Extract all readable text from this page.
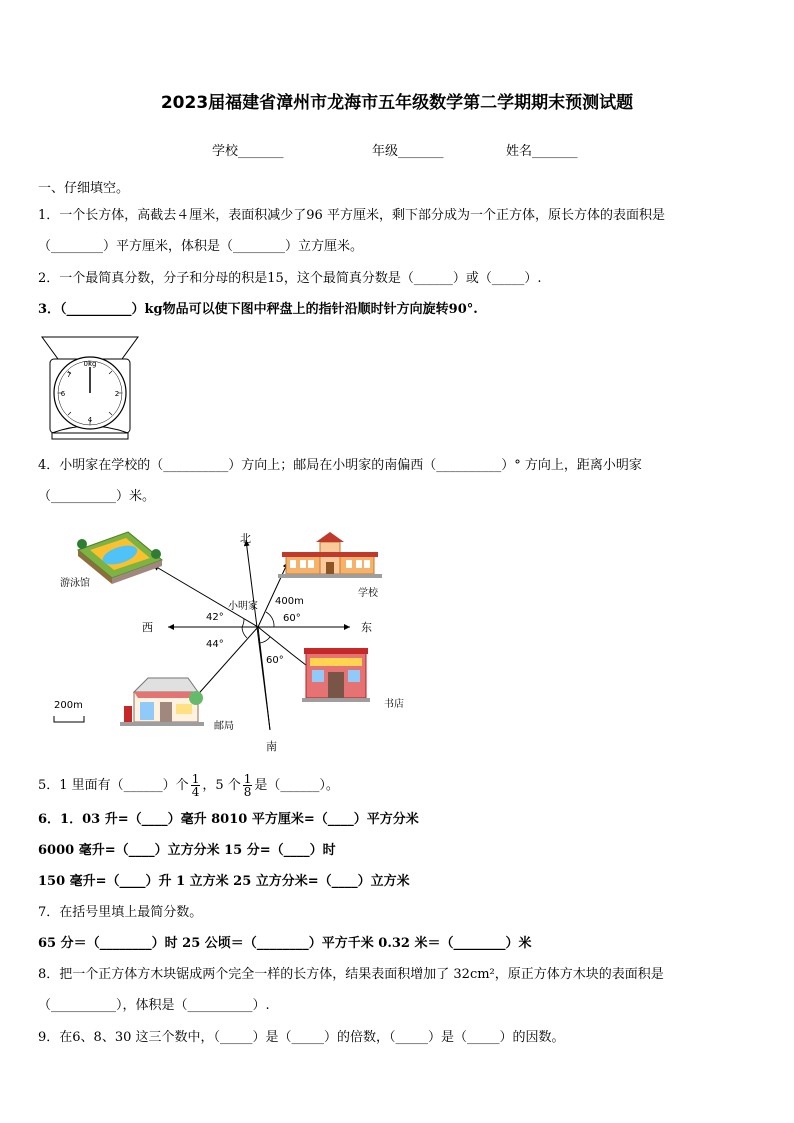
2023届福建省漳州市龙海市五年级数学第二学期期末预测试题
学校_______	年级_______	姓名_______
一、仔细填空。
1．一个长方体，高截去４厘米，表面积减少了96 平方厘米，剩下部分成为一个正方体，原长方体的表面积是
（________）平方厘米，体积是（________）立方厘米。
2．一个最简真分数，分子和分母的积是15，这个最简真分数是（______）或（_____）.
3．（__________）kg物品可以使下图中秤盘上的指针沿顺时针方向旋转90°.
0kg
2
4
6
7
4．小明家在学校的（__________）方向上；邮局在小明家的南偏西（__________）° 方向上，距离小明家
（__________）米。
北
南
东
西
小明家
游泳馆
学校
书店
邮局
42°	60°
44°
60°
400m
200m
5．1 里面有（______）个 $\frac{1}{4}$ ，5 个 $\frac{1}{8}$ 是（______）。
6．1．03 升=（____）毫升 8010 平方厘米=（____）平方分米
6000 毫升=（____）立方分米 15 分=（____）时
150 毫升=（____）升 1 立方米 25 立方分米=（____）立方米
7．在括号里填上最简分数。
65 分＝（________）时 25 公顷＝（________）平方千米 0.32 米＝（________）米
8．把一个正方体方木块锯成两个完全一样的长方体，结果表面积增加了 32cm²，原正方体方木块的表面积是
（__________），体积是（__________）.
9．在6、8、30 这三个数中，（_____）是（_____）的倍数，（_____）是（_____）的因数。
